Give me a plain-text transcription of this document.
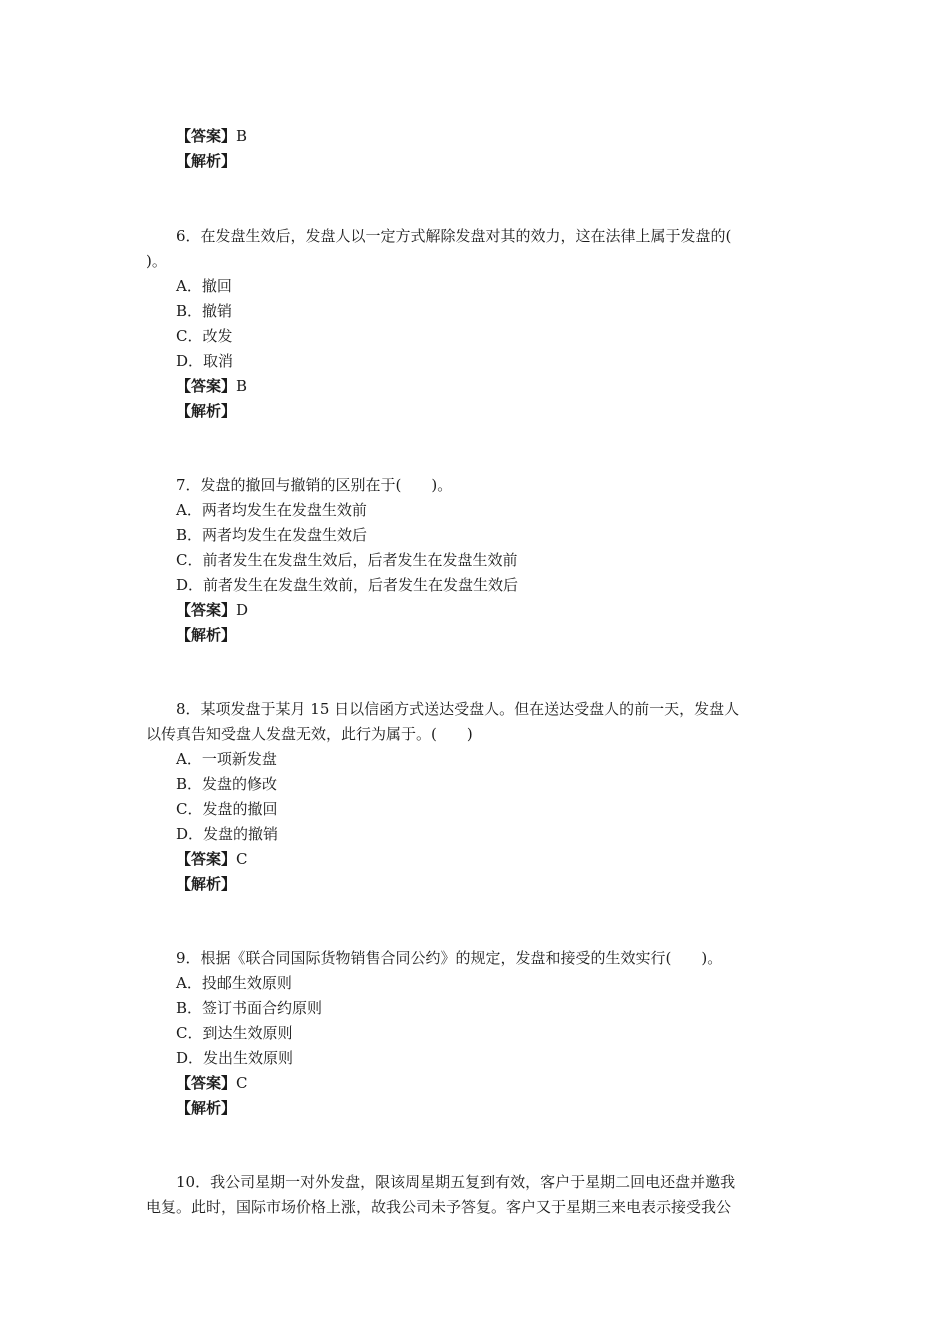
【答案】B
【解析】
6．在发盘生效后，发盘人以一定方式解除发盘对其的效力，这在法律上属于发盘的(
)。
A．撤回
B．撤销
C．改发
D．取消
【答案】B
【解析】
7．发盘的撤回与撤销的区别在于(　　)。
A．两者均发生在发盘生效前
B．两者均发生在发盘生效后
C．前者发生在发盘生效后，后者发生在发盘生效前
D．前者发生在发盘生效前，后者发生在发盘生效后
【答案】D
【解析】
8．某项发盘于某月 15 日以信函方式送达受盘人。但在送达受盘人的前一天，发盘人
以传真告知受盘人发盘无效，此行为属于。(　　)
A．一项新发盘
B．发盘的修改
C．发盘的撤回
D．发盘的撤销
【答案】C
【解析】
9．根据《联合同国际货物销售合同公约》的规定，发盘和接受的生效实行(　　)。
A．投邮生效原则
B．签订书面合约原则
C．到达生效原则
D．发出生效原则
【答案】C
【解析】
10．我公司星期一对外发盘，限该周星期五复到有效，客户于星期二回电还盘并邀我
电复。此时，国际市场价格上涨，故我公司未予答复。客户又于星期三来电表示接受我公
